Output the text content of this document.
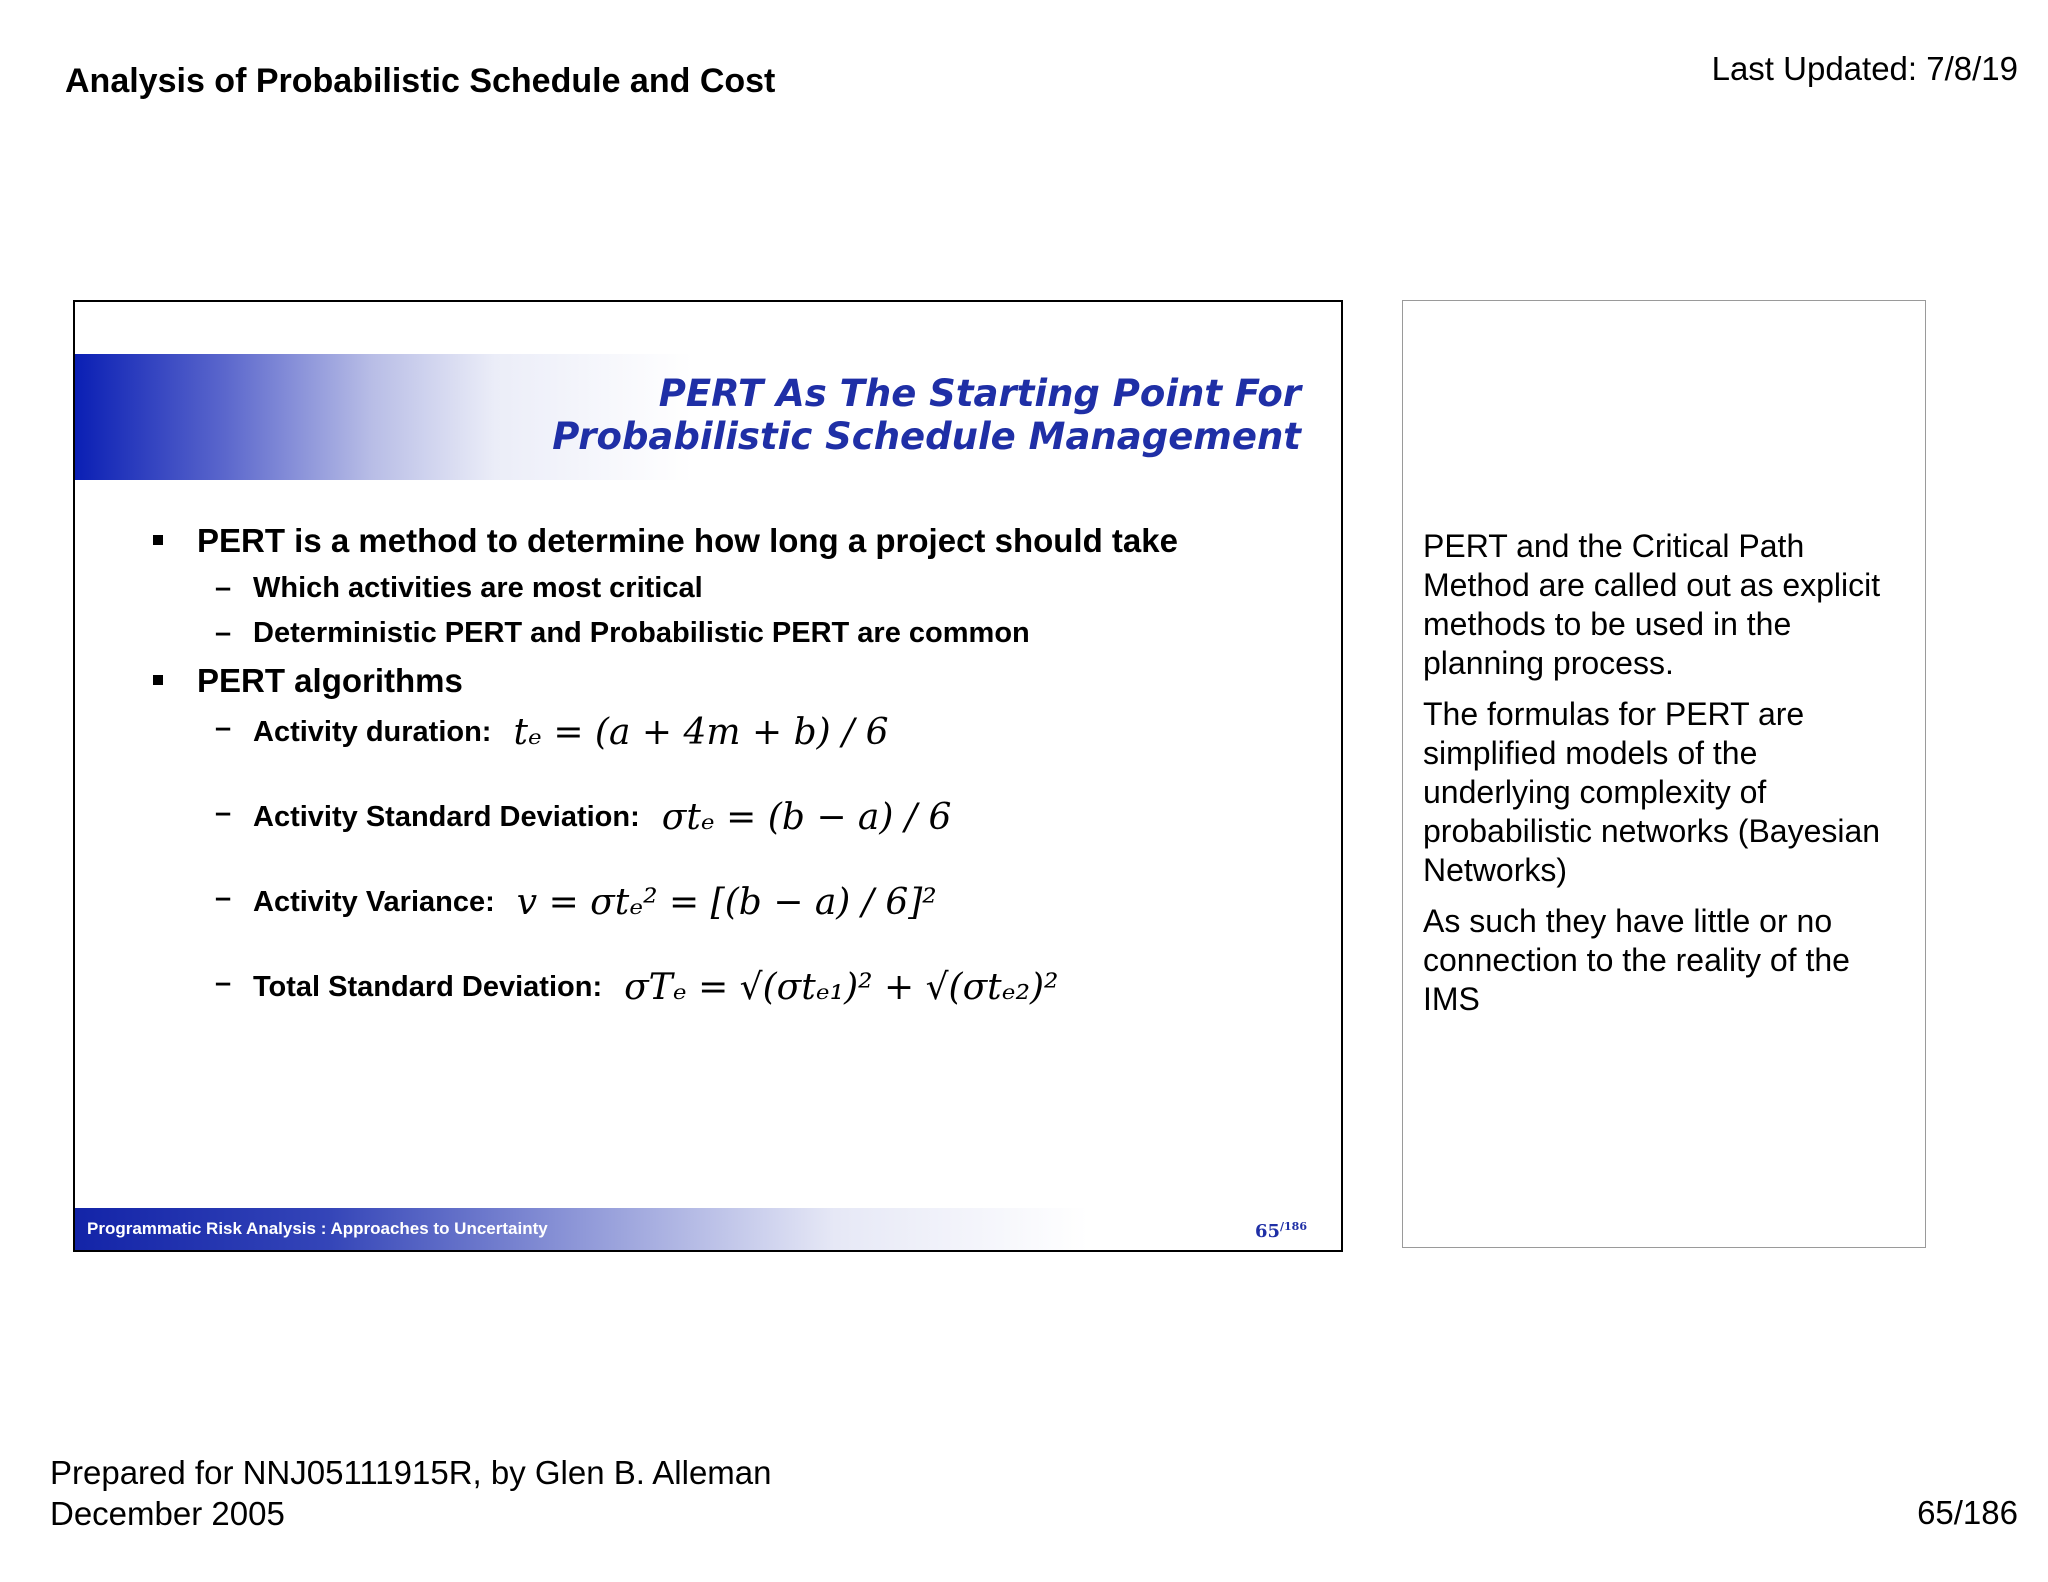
Analysis of Probabilistic Schedule and Cost	Last Updated: 7/8/19
PERT As The Starting Point For
Probabilistic Schedule Management
PERT is a method to determine how long a project should take
– Which activities are most critical
– Deterministic PERT and Probabilistic PERT are common
PERT algorithms
– Activity duration: tₑ = (a + 4m + b) / 6
– Activity Standard Deviation: σtₑ = (b − a) / 6
– Activity Variance: v = σtₑ² = [(b − a) / 6]²
– Total Standard Deviation: σTₑ = √(σtₑ₁)² + √(σtₑ₂)²
Programmatic Risk Analysis : Approaches to Uncertainty	$65^{/186}$

PERT and the Critical Path Method are called out as explicit methods to be used in the planning process.

The formulas for PERT are simplified models of the underlying complexity of probabilistic networks (Bayesian Networks)

As such they have little or no connection to the reality of the IMS

Prepared for NNJ05111915R, by Glen B. Alleman
December 2005	65/186
